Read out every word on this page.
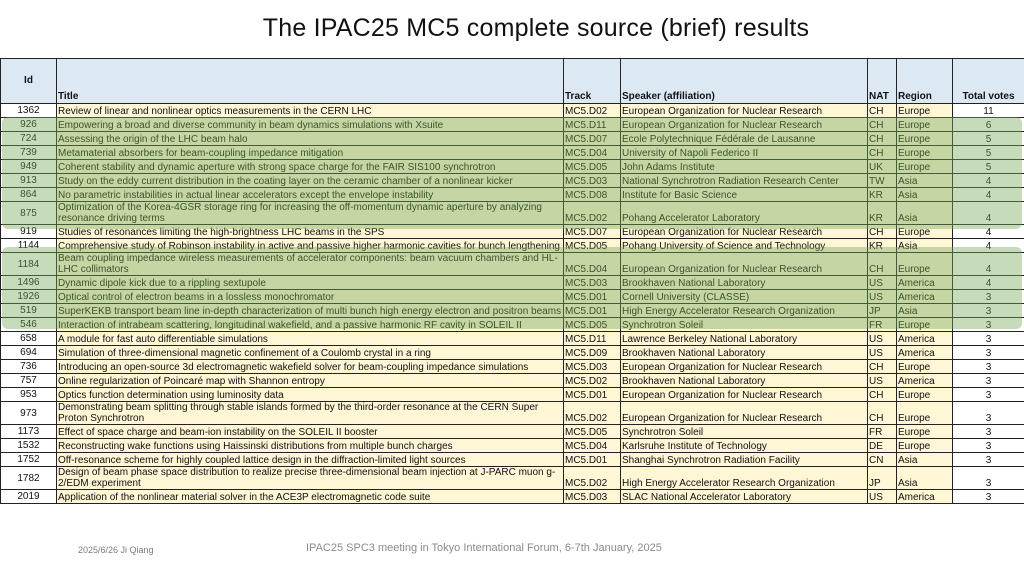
The IPAC25 MC5 complete source (brief) results
Id	Title	Track	Speaker (affiliation)	NAT	Region	Total votes
1362	Review of linear and nonlinear optics measurements in the CERN LHC	MC5.D02	European Organization for Nuclear Research	CH	Europe	11
926	Empowering a broad and diverse community in beam dynamics simulations with Xsuite	MC5.D11	European Organization for Nuclear Research	CH	Europe	6
724	Assessing the origin of the LHC beam halo	MC5.D07	Ecole Polytechnique Fédérale de Lausanne	CH	Europe	5
739	Metamaterial absorbers for beam-coupling impedance mitigation	MC5.D04	University of Napoli Federico II	CH	Europe	5
949	Coherent stability and dynamic aperture with strong space charge for the FAIR SIS100 synchrotron	MC5.D05	John Adams Institute	UK	Europe	5
913	Study on the eddy current distribution in the coating layer on the ceramic chamber of a nonlinear kicker	MC5.D03	National Synchrotron Radiation Research Center	TW	Asia	4
864	No parametric instabilities in actual linear accelerators except the envelope instability	MC5.D08	Institute for Basic Science	KR	Asia	4
875	Optimization of the Korea-4GSR storage ring for increasing the off-momentum dynamic aperture by analyzing resonance driving terms	MC5.D02	Pohang Accelerator Laboratory	KR	Asia	4
919	Studies of resonances limiting the high-brightness LHC beams in the SPS	MC5.D07	European Organization for Nuclear Research	CH	Europe	4
1144	Comprehensive study of Robinson instability in active and passive higher harmonic cavities for bunch lengthening	MC5.D05	Pohang University of Science and Technology	KR	Asia	4
1184	Beam coupling impedance wireless measurements of accelerator components: beam vacuum chambers and HL-LHC collimators	MC5.D04	European Organization for Nuclear Research	CH	Europe	4
1496	Dynamic dipole kick due to a rippling sextupole	MC5.D03	Brookhaven National Laboratory	US	America	4
1926	Optical control of electron beams in a lossless monochromator	MC5.D01	Cornell University (CLASSE)	US	America	3
519	SuperKEKB transport beam line in-depth characterization of multi bunch high energy electron and positron beams	MC5.D01	High Energy Accelerator Research Organization	JP	Asia	3
546	Interaction of intrabeam scattering, longitudinal wakefield, and a passive harmonic RF cavity in SOLEIL II	MC5.D05	Synchrotron Soleil	FR	Europe	3
658	A module for fast auto differentiable simulations	MC5.D11	Lawrence Berkeley National Laboratory	US	America	3
694	Simulation of three-dimensional magnetic confinement of a Coulomb crystal in a ring	MC5.D09	Brookhaven National Laboratory	US	America	3
736	Introducing an open-source 3d electromagnetic wakefield solver for beam-coupling impedance simulations	MC5.D03	European Organization for Nuclear Research	CH	Europe	3
757	Online regularization of Poincaré map with Shannon entropy	MC5.D02	Brookhaven National Laboratory	US	America	3
953	Optics function determination using luminosity data	MC5.D01	European Organization for Nuclear Research	CH	Europe	3
973	Demonstrating beam splitting through stable islands formed by the third-order resonance at the CERN Super Proton Synchrotron	MC5.D02	European Organization for Nuclear Research	CH	Europe	3
1173	Effect of space charge and beam-ion instability on the SOLEIL II booster	MC5.D05	Synchrotron Soleil	FR	Europe	3
1532	Reconstructing wake functions using Haissinski distributions from multiple bunch charges	MC5.D04	Karlsruhe Institute of Technology	DE	Europe	3
1752	Off-resonance scheme for highly coupled lattice design in the diffraction-limited light sources	MC5.D01	Shanghai Synchrotron Radiation Facility	CN	Asia	3
1782	Design of beam phase space distribution to realize precise three-dimensional beam injection at J-PARC muon g-2/EDM experiment	MC5.D02	High Energy Accelerator Research Organization	JP	Asia	3
2019	Application of the nonlinear material solver in the ACE3P electromagnetic code suite	MC5.D03	SLAC National Accelerator Laboratory	US	America	3
2025/6/26 Ji Qiang	IPAC25 SPC3 meeting in Tokyo International Forum, 6-7th January, 2025
